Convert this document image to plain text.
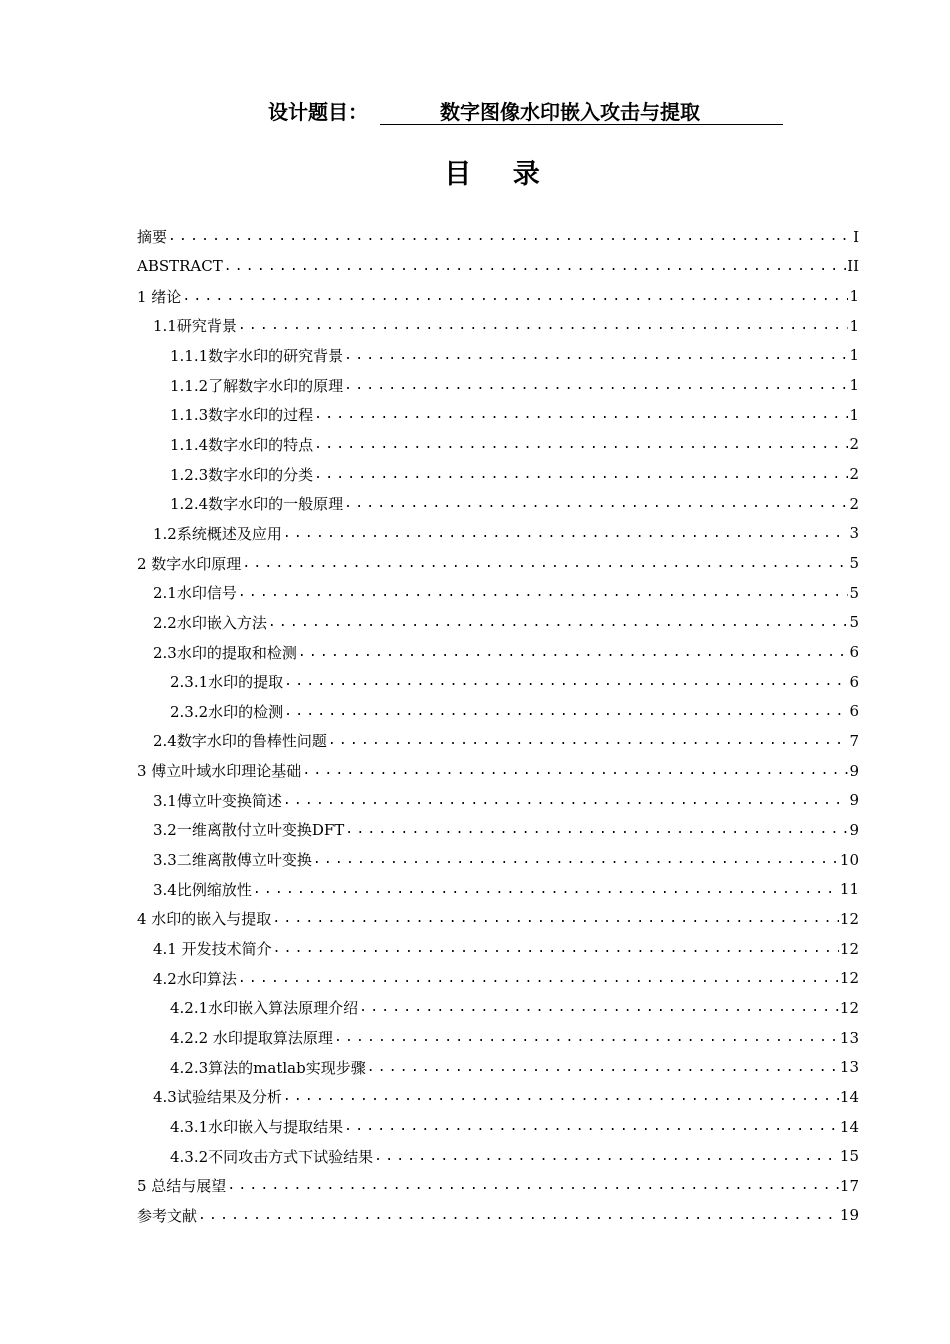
设计题目：	数字图像水印嵌入攻击与提取
目 录
摘要 .....	I
ABSTRACT .....	II
1 绪论 .....	1
1.1研究背景 .....	1
1.1.1数字水印的研究背景 .....	1
1.1.2了解数字水印的原理 .....	1
1.1.3数字水印的过程 .....	1
1.1.4数字水印的特点 .....	2
1.2.3数字水印的分类 .....	2
1.2.4数字水印的一般原理 .....	2
1.2系统概述及应用 .....	3
2 数字水印原理 .....	5
2.1水印信号 .....	5
2.2水印嵌入方法 .....	5
2.3水印的提取和检测 .....	6
2.3.1水印的提取 .....	6
2.3.2水印的检测 .....	6
2.4数字水印的鲁棒性问题 .....	7
3 傅立叶域水印理论基础 .....	9
3.1傅立叶变换简述 .....	9
3.2一维离散付立叶变换DFT .....	9
3.3二维离散傅立叶变换 .....	10
3.4比例缩放性 .....	11
4 水印的嵌入与提取 .....	12
4.1 开发技术简介 .....	12
4.2水印算法 .....	12
4.2.1水印嵌入算法原理介绍 .....	12
4.2.2 水印提取算法原理 .....	13
4.2.3算法的matlab实现步骤 .....	13
4.3试验结果及分析 .....	14
4.3.1水印嵌入与提取结果 .....	14
4.3.2不同攻击方式下试验结果 .....	15
5 总结与展望 .....	17
参考文献 .....	19
